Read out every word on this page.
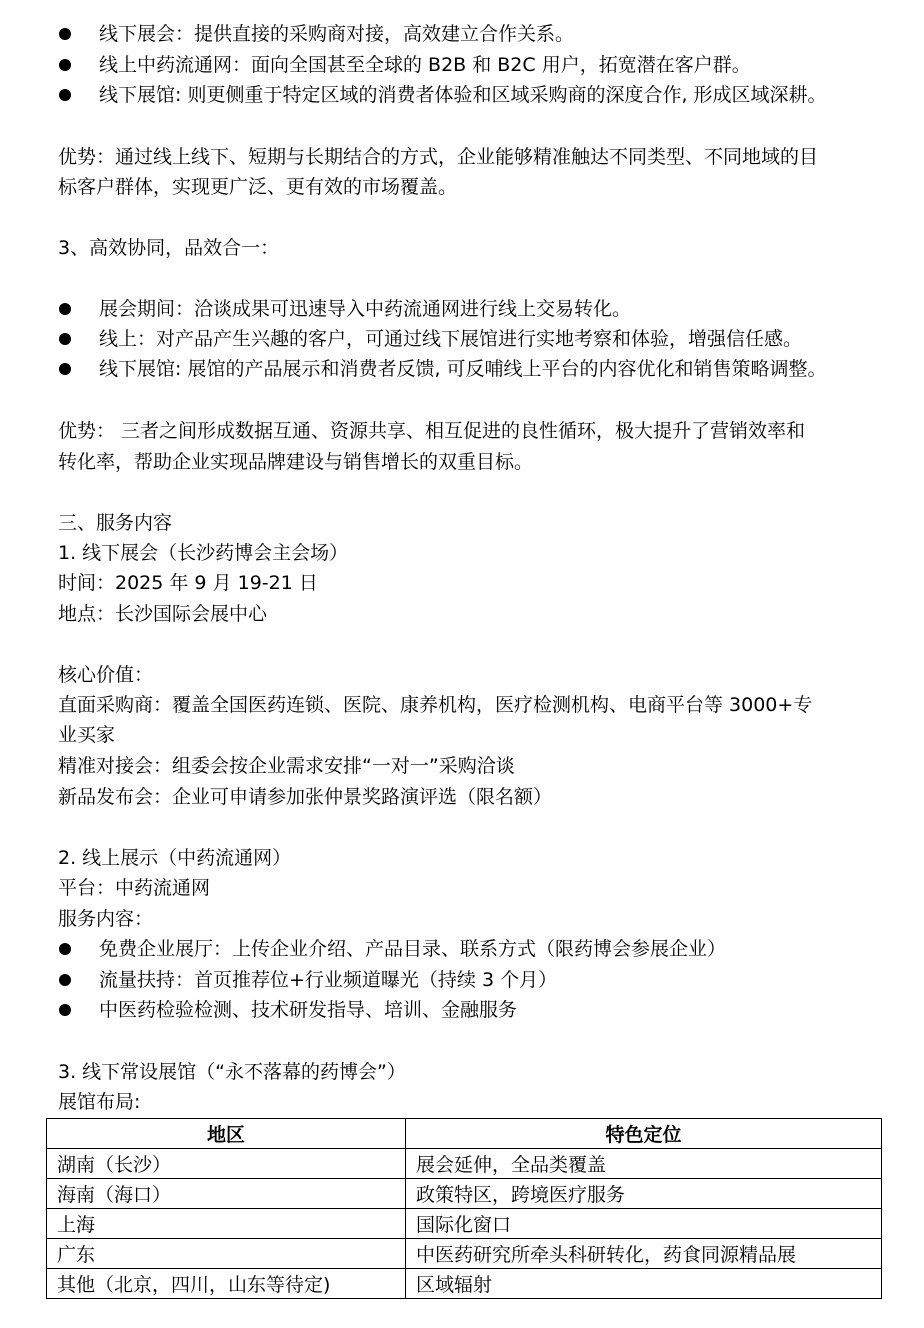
线下展会：提供直接的采购商对接，高效建立合作关系。
线上中药流通网：面向全国甚至全球的 B2B 和 B2C 用户，拓宽潜在客户群。
线下展馆: 则更侧重于特定区域的消费者体验和区域采购商的深度合作, 形成区域深耕。
优势：通过线上线下、短期与长期结合的方式，企业能够精准触达不同类型、不同地域的目
标客户群体，实现更广泛、更有效的市场覆盖。
3、高效协同，品效合一：
展会期间：洽谈成果可迅速导入中药流通网进行线上交易转化。
线上：对产品产生兴趣的客户，可通过线下展馆进行实地考察和体验，增强信任感。
线下展馆: 展馆的产品展示和消费者反馈, 可反哺线上平台的内容优化和销售策略调整。
优势： 三者之间形成数据互通、资源共享、相互促进的良性循环，极大提升了营销效率和
转化率，帮助企业实现品牌建设与销售增长的双重目标。
三、服务内容
1. 线下展会（长沙药博会主会场）
时间：2025 年 9 月 19-21 日
地点：长沙国际会展中心
核心价值：
直面采购商：覆盖全国医药连锁、医院、康养机构，医疗检测机构、电商平台等 3000+专
业买家
精准对接会：组委会按企业需求安排“一对一”采购洽谈
新品发布会：企业可申请参加张仲景奖路演评选（限名额）
2. 线上展示（中药流通网）
平台：中药流通网
服务内容：
免费企业展厅：上传企业介绍、产品目录、联系方式（限药博会参展企业）
流量扶持：首页推荐位+行业频道曝光（持续 3 个月）
中医药检验检测、技术研发指导、培训、金融服务
3. 线下常设展馆（“永不落幕的药博会”）
展馆布局:
地区	特色定位
湖南（长沙）	展会延伸，全品类覆盖
海南（海口）	政策特区，跨境医疗服务
上海	国际化窗口
广东	中医药研究所牵头科研转化，药食同源精品展
其他（北京，四川，山东等待定)	区域辐射
